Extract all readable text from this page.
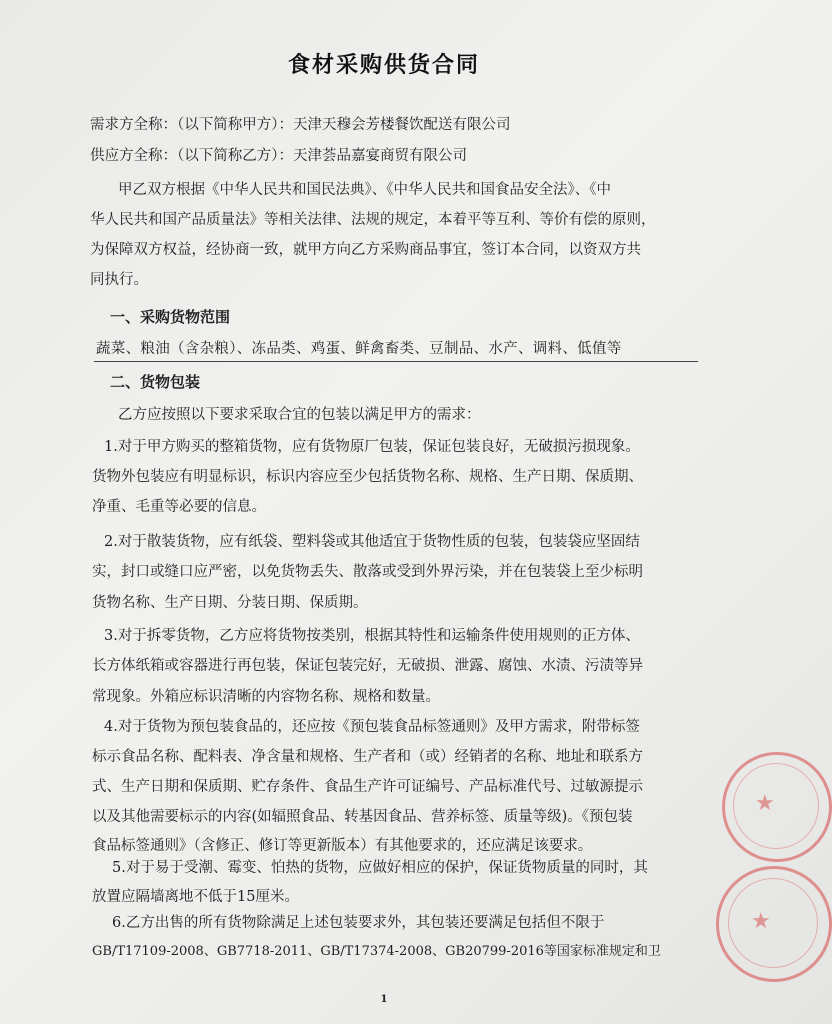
食材采购供货合同
需求方全称：（以下简称甲方）：天津天穆会芳楼餐饮配送有限公司
供应方全称：（以下简称乙方）：天津荟品嘉宴商贸有限公司
甲乙双方根据《中华人民共和国民法典》、《中华人民共和国食品安全法》、《中
华人民共和国产品质量法》等相关法律、法规的规定，本着平等互利、等价有偿的原则，
为保障双方权益，经协商一致，就甲方向乙方采购商品事宜，签订本合同，以资双方共
同执行。
一、采购货物范围
蔬菜、粮油（含杂粮）、冻品类、鸡蛋、鲜禽畜类、豆制品、水产、调料、低值等
二、货物包装
乙方应按照以下要求采取合宜的包装以满足甲方的需求：
1.对于甲方购买的整箱货物，应有货物原厂包装，保证包装良好，无破损污损现象。
货物外包装应有明显标识，标识内容应至少包括货物名称、规格、生产日期、保质期、
净重、毛重等必要的信息。
2.对于散装货物，应有纸袋、塑料袋或其他适宜于货物性质的包装，包装袋应坚固结
实，封口或缝口应严密，以免货物丢失、散落或受到外界污染，并在包装袋上至少标明
货物名称、生产日期、分装日期、保质期。
3.对于拆零货物，乙方应将货物按类别，根据其特性和运输条件使用规则的正方体、
长方体纸箱或容器进行再包装，保证包装完好，无破损、泄露、腐蚀、水渍、污渍等异
常现象。外箱应标识清晰的内容物名称、规格和数量。
4.对于货物为预包装食品的，还应按《预包装食品标签通则》及甲方需求，附带标签
标示食品名称、配料表、净含量和规格、生产者和（或）经销者的名称、地址和联系方
式、生产日期和保质期、贮存条件、食品生产许可证编号、产品标准代号、过敏源提示
以及其他需要标示的内容(如辐照食品、转基因食品、营养标签、质量等级)。《预包装
食品标签通则》（含修正、修订等更新版本）有其他要求的，还应满足该要求。
5.对于易于受潮、霉变、怕热的货物，应做好相应的保护，保证货物质量的同时，其
放置应隔墙离地不低于15厘米。
6.乙方出售的所有货物除满足上述包装要求外，其包装还要满足包括但不限于
GB/T17109-2008、GB7718-2011、GB/T17374-2008、GB20799-2016等国家标准规定和卫
1
★
★
